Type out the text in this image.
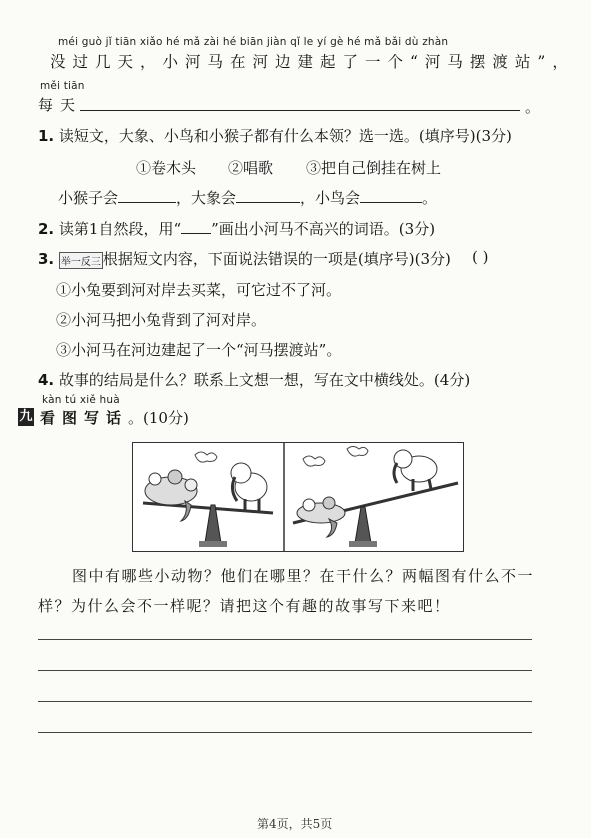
méi guò jǐ tiān xiǎo hé mǎ zài hé biān jiàn qǐ le yí gè hé mǎ bǎi dù zhàn
没过几天，小河马在河边建起了一个“河马摆渡站”，
měi tiān
每天	。
1. 读短文，大象、小鸟和小猴子都有什么本领？选一选。(填序号)(3分)
①卷木头 ②唱歌 ③把自己倒挂在树上
小猴子会	，大象会	，小鸟会	。
2. 读第1自然段，用“ ”画出小河马不高兴的词语。(3分)
3. 举一反三 根据短文内容，下面说法错误的一项是(填序号)(3分) ( )
①小兔要到河对岸去买菜，可它过不了河。
②小河马把小兔背到了河对岸。
③小河马在河边建起了一个“河马摆渡站”。
4. 故事的结局是什么？联系上文想一想，写在文中横线处。(4分)
kàn tú xiě huà
九 看图写话。(10分)
图中有哪些小动物？他们在哪里？在干什么？两幅图有什么不一
样？为什么会不一样呢？请把这个有趣的故事写下来吧！
第4页，共5页
